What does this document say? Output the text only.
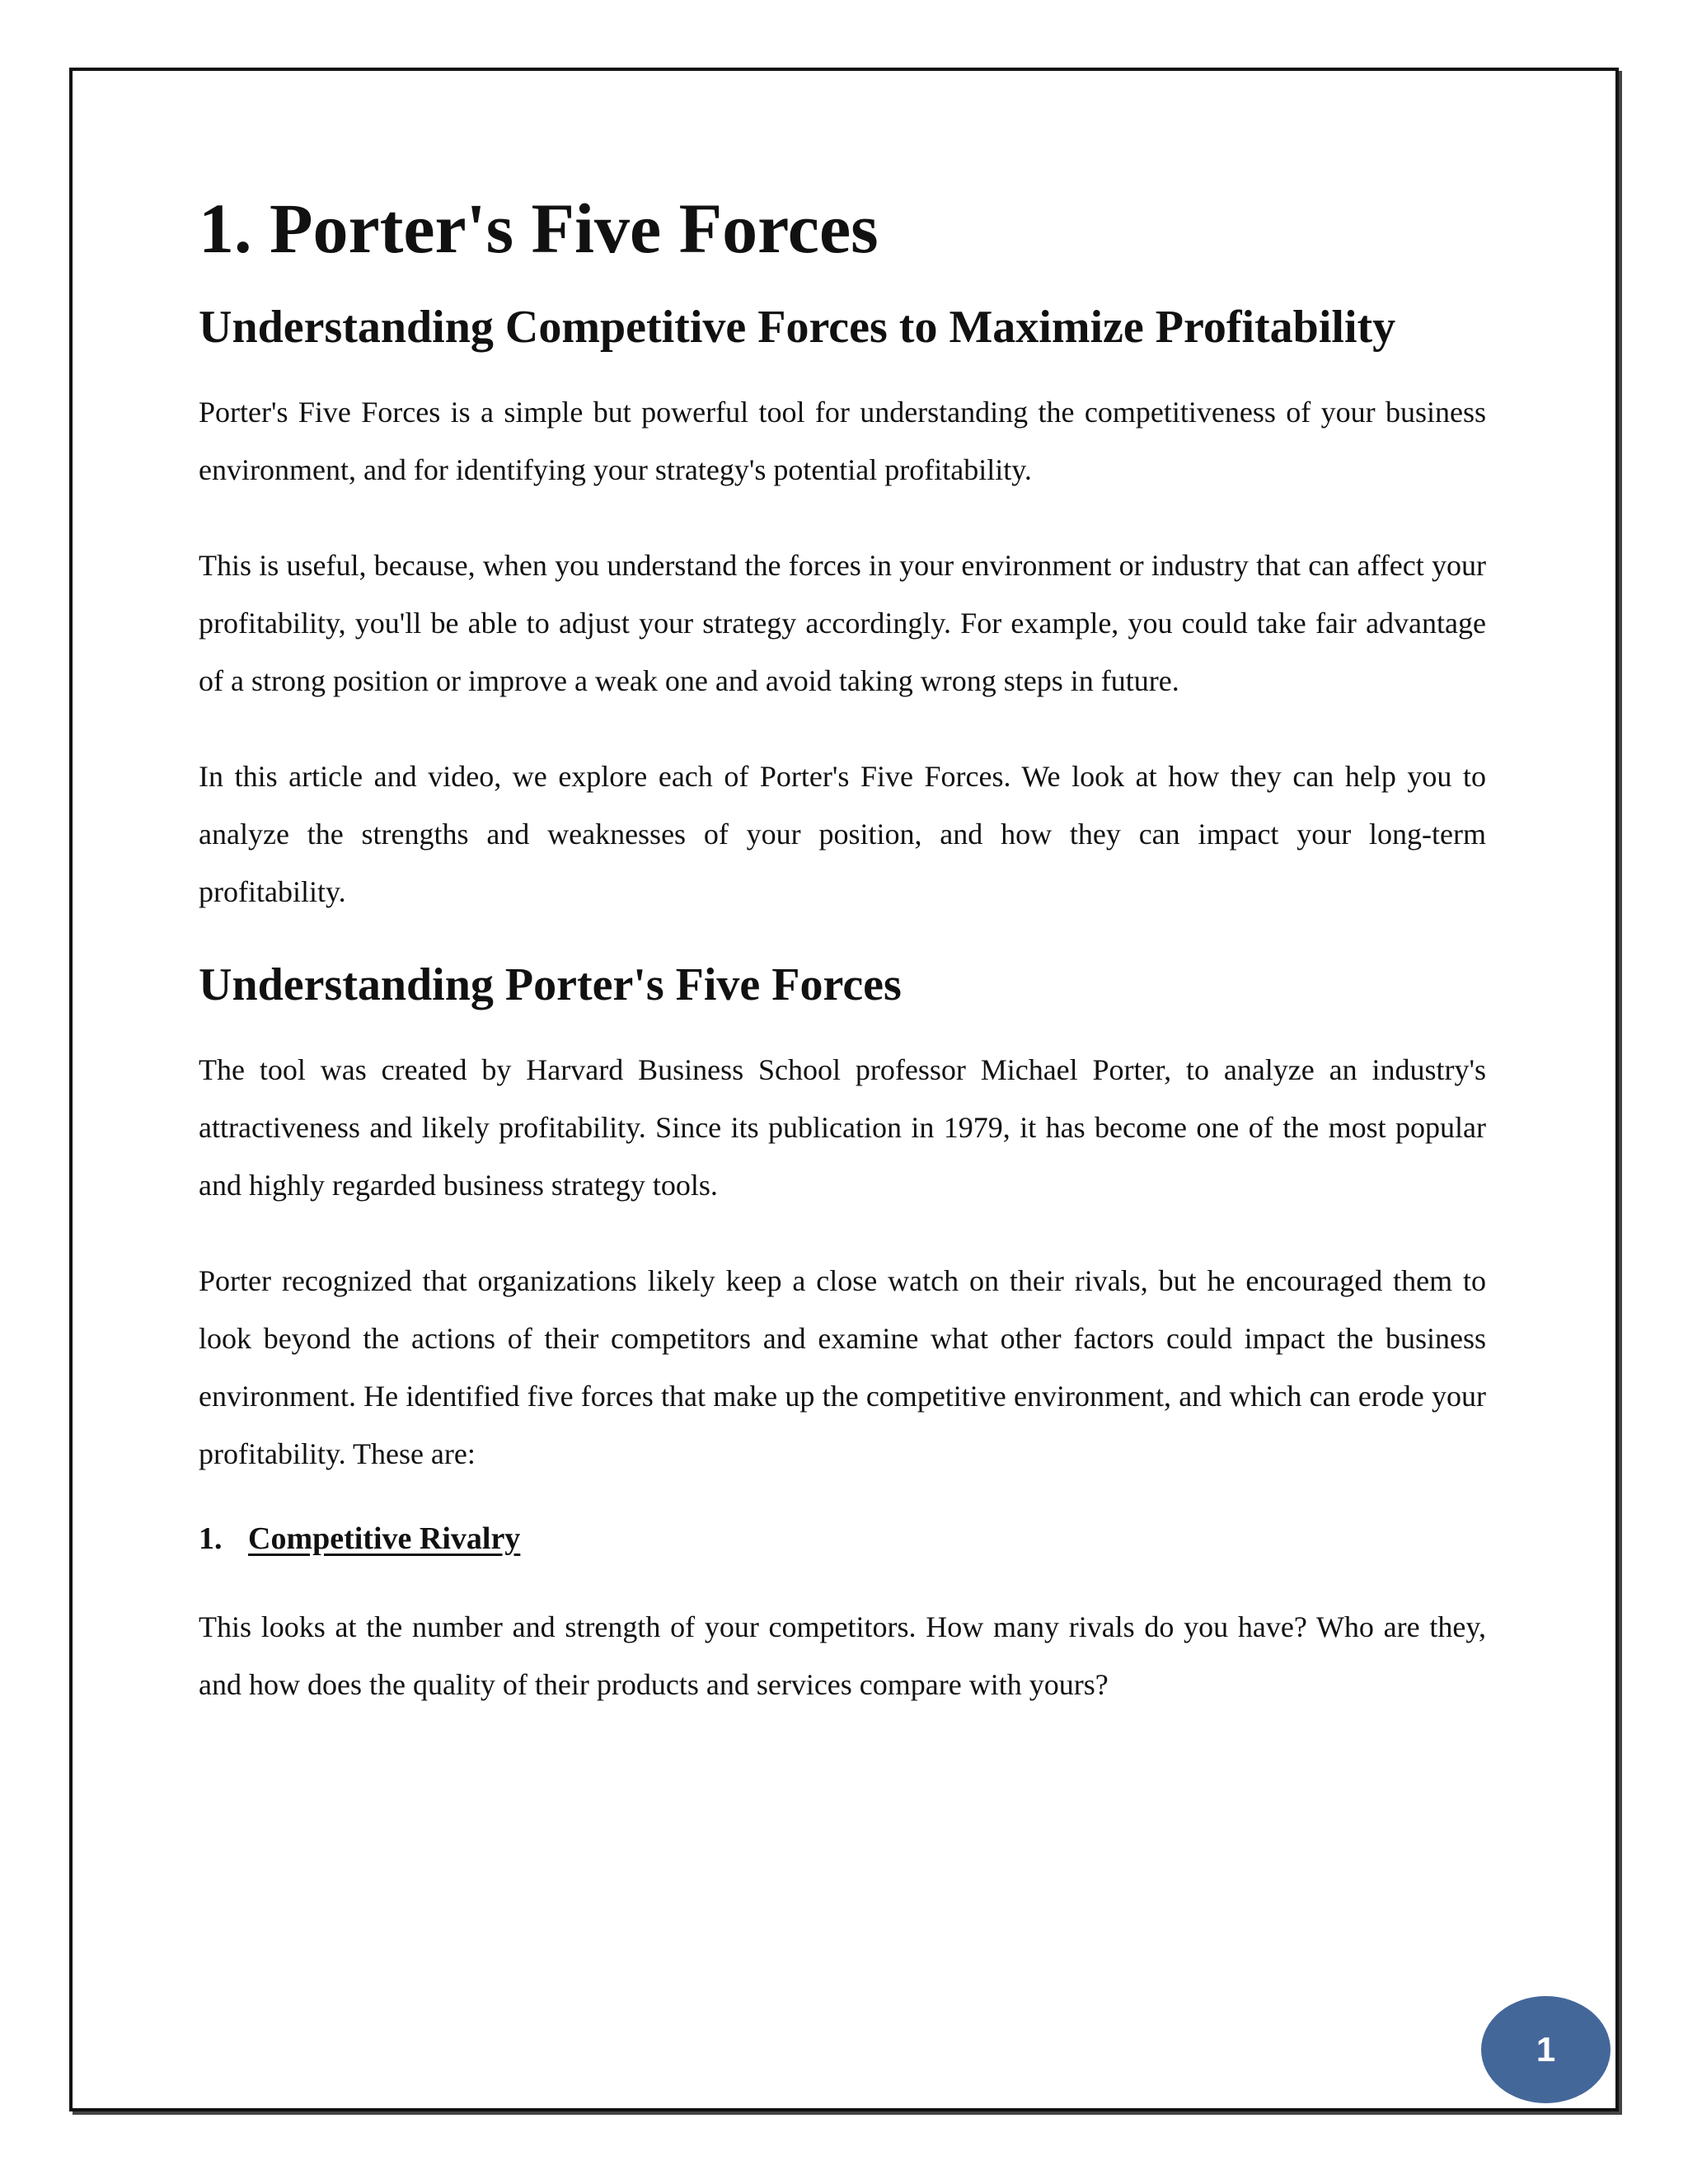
1. Porter's Five Forces
Understanding Competitive Forces to Maximize Profitability

Porter's Five Forces is a simple but powerful tool for understanding the competitiveness of your business environment, and for identifying your strategy's potential profitability.

This is useful, because, when you understand the forces in your environment or industry that can affect your profitability, you'll be able to adjust your strategy accordingly. For example, you could take fair advantage of a strong position or improve a weak one and avoid taking wrong steps in future.

In this article and video, we explore each of Porter's Five Forces. We look at how they can help you to analyze the strengths and weaknesses of your position, and how they can impact your long-term profitability.

Understanding Porter's Five Forces

The tool was created by Harvard Business School professor Michael Porter, to analyze an industry's attractiveness and likely profitability. Since its publication in 1979, it has become one of the most popular and highly regarded business strategy tools.

Porter recognized that organizations likely keep a close watch on their rivals, but he encouraged them to look beyond the actions of their competitors and examine what other factors could impact the business environment. He identified five forces that make up the competitive environment, and which can erode your profitability. These are:

1. Competitive Rivalry

This looks at the number and strength of your competitors. How many rivals do you have? Who are they, and how does the quality of their products and services compare with yours?

1
